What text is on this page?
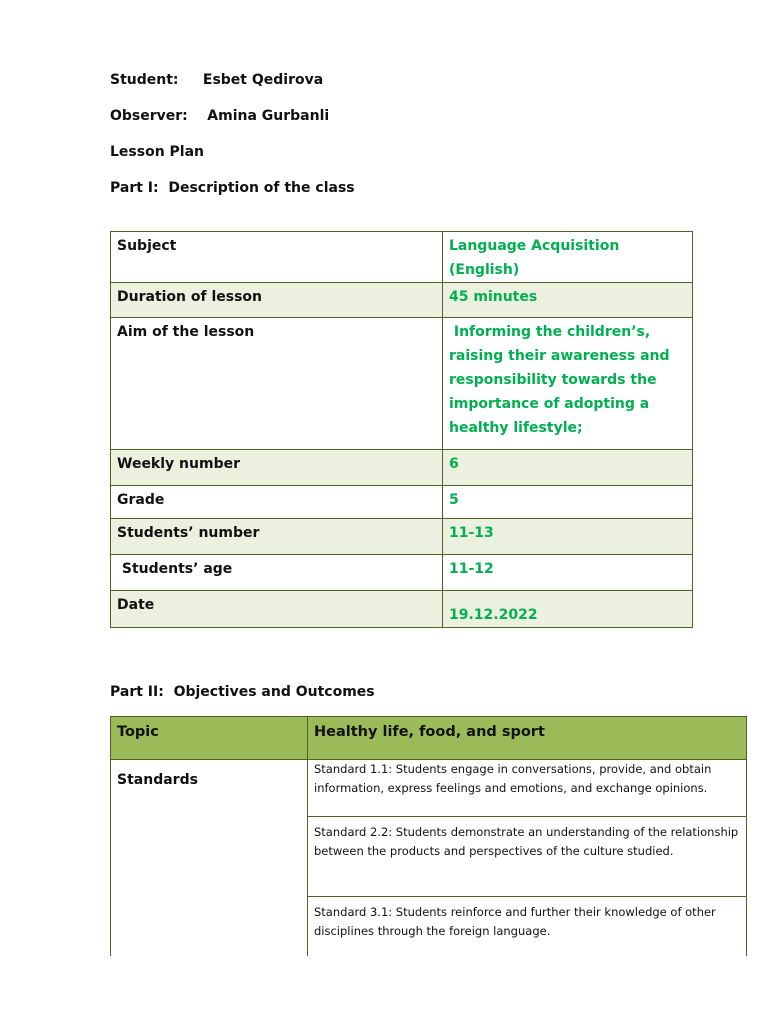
Student:     Esbet Qedirova
Observer:    Amina Gurbanli
Lesson Plan
Part I:  Description of the class
Subject	Language Acquisition (English)
Duration of lesson	45 minutes
Aim of the lesson	Informing the children’s, raising their awareness and responsibility towards the importance of adopting a healthy lifestyle;
Weekly number	6
Grade	5
Students’ number	11-13
Students’ age	11-12
Date	19.12.2022
Part II:  Objectives and Outcomes
Topic	Healthy life, food, and sport
Standards	Standard 1.1: Students engage in conversations, provide, and obtain information, express feelings and emotions, and exchange opinions.
	Standard 2.2: Students demonstrate an understanding of the relationship between the products and perspectives of the culture studied.
	Standard 3.1: Students reinforce and further their knowledge of other disciplines through the foreign language.
